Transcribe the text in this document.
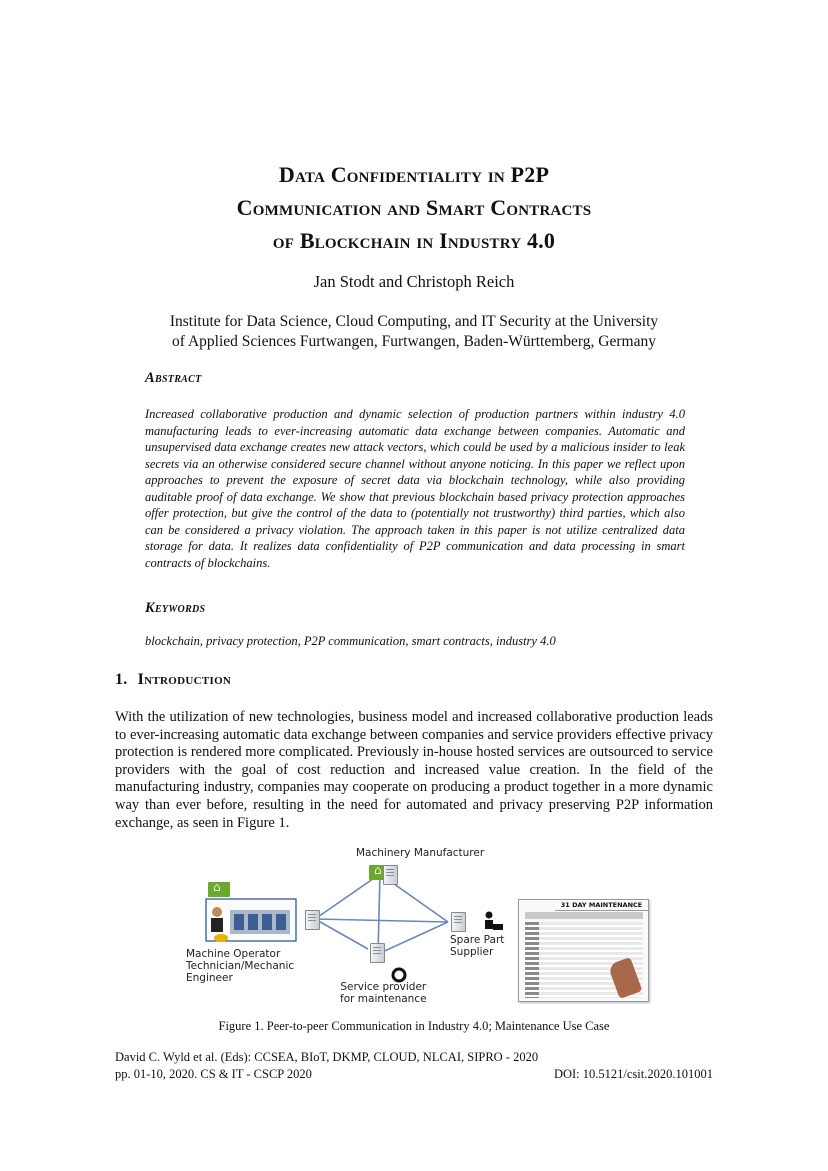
Data Confidentiality in P2P
Communication and Smart Contracts
of Blockchain in Industry 4.0
Jan Stodt and Christoph Reich
Institute for Data Science, Cloud Computing, and IT Security at the University
of Applied Sciences Furtwangen, Furtwangen, Baden-Württemberg, Germany
Abstract
Increased collaborative production and dynamic selection of production partners within industry 4.0 manufacturing leads to ever-increasing automatic data exchange between companies. Automatic and unsupervised data exchange creates new attack vectors, which could be used by a malicious insider to leak secrets via an otherwise considered secure channel without anyone noticing. In this paper we reflect upon approaches to prevent the exposure of secret data via blockchain technology, while also providing auditable proof of data exchange. We show that previous blockchain based privacy protection approaches offer protection, but give the control of the data to (potentially not trustworthy) third parties, which also can be considered a privacy violation. The approach taken in this paper is not utilize centralized data storage for data. It realizes data confidentiality of P2P communication and data processing in smart contracts of blockchains.
Keywords
blockchain, privacy protection, P2P communication, smart contracts, industry 4.0
1. Introduction
With the utilization of new technologies, business model and increased collaborative production leads to ever-increasing automatic data exchange between companies and service providers effective privacy protection is rendered more complicated. Previously in-house hosted services are outsourced to service providers with the goal of cost reduction and increased value creation. In the field of the manufacturing industry, companies may cooperate on producing a product together in a more dynamic way than ever before, resulting in the need for automated and privacy preserving P2P information exchange, as seen in Figure 1.
⌂
⌂
Machinery Manufacturer
Machine Operator
Technician/Mechanic
Engineer
Service provider
for maintenance
Spare Part
Supplier
31 DAY MAINTENANCE
Figure 1. Peer-to-peer Communication in Industry 4.0; Maintenance Use Case
David C. Wyld et al. (Eds): CCSEA, BIoT, DKMP, CLOUD, NLCAI, SIPRO - 2020
pp. 01-10, 2020. CS & IT - CSCP 2020	DOI: 10.5121/csit.2020.101001
